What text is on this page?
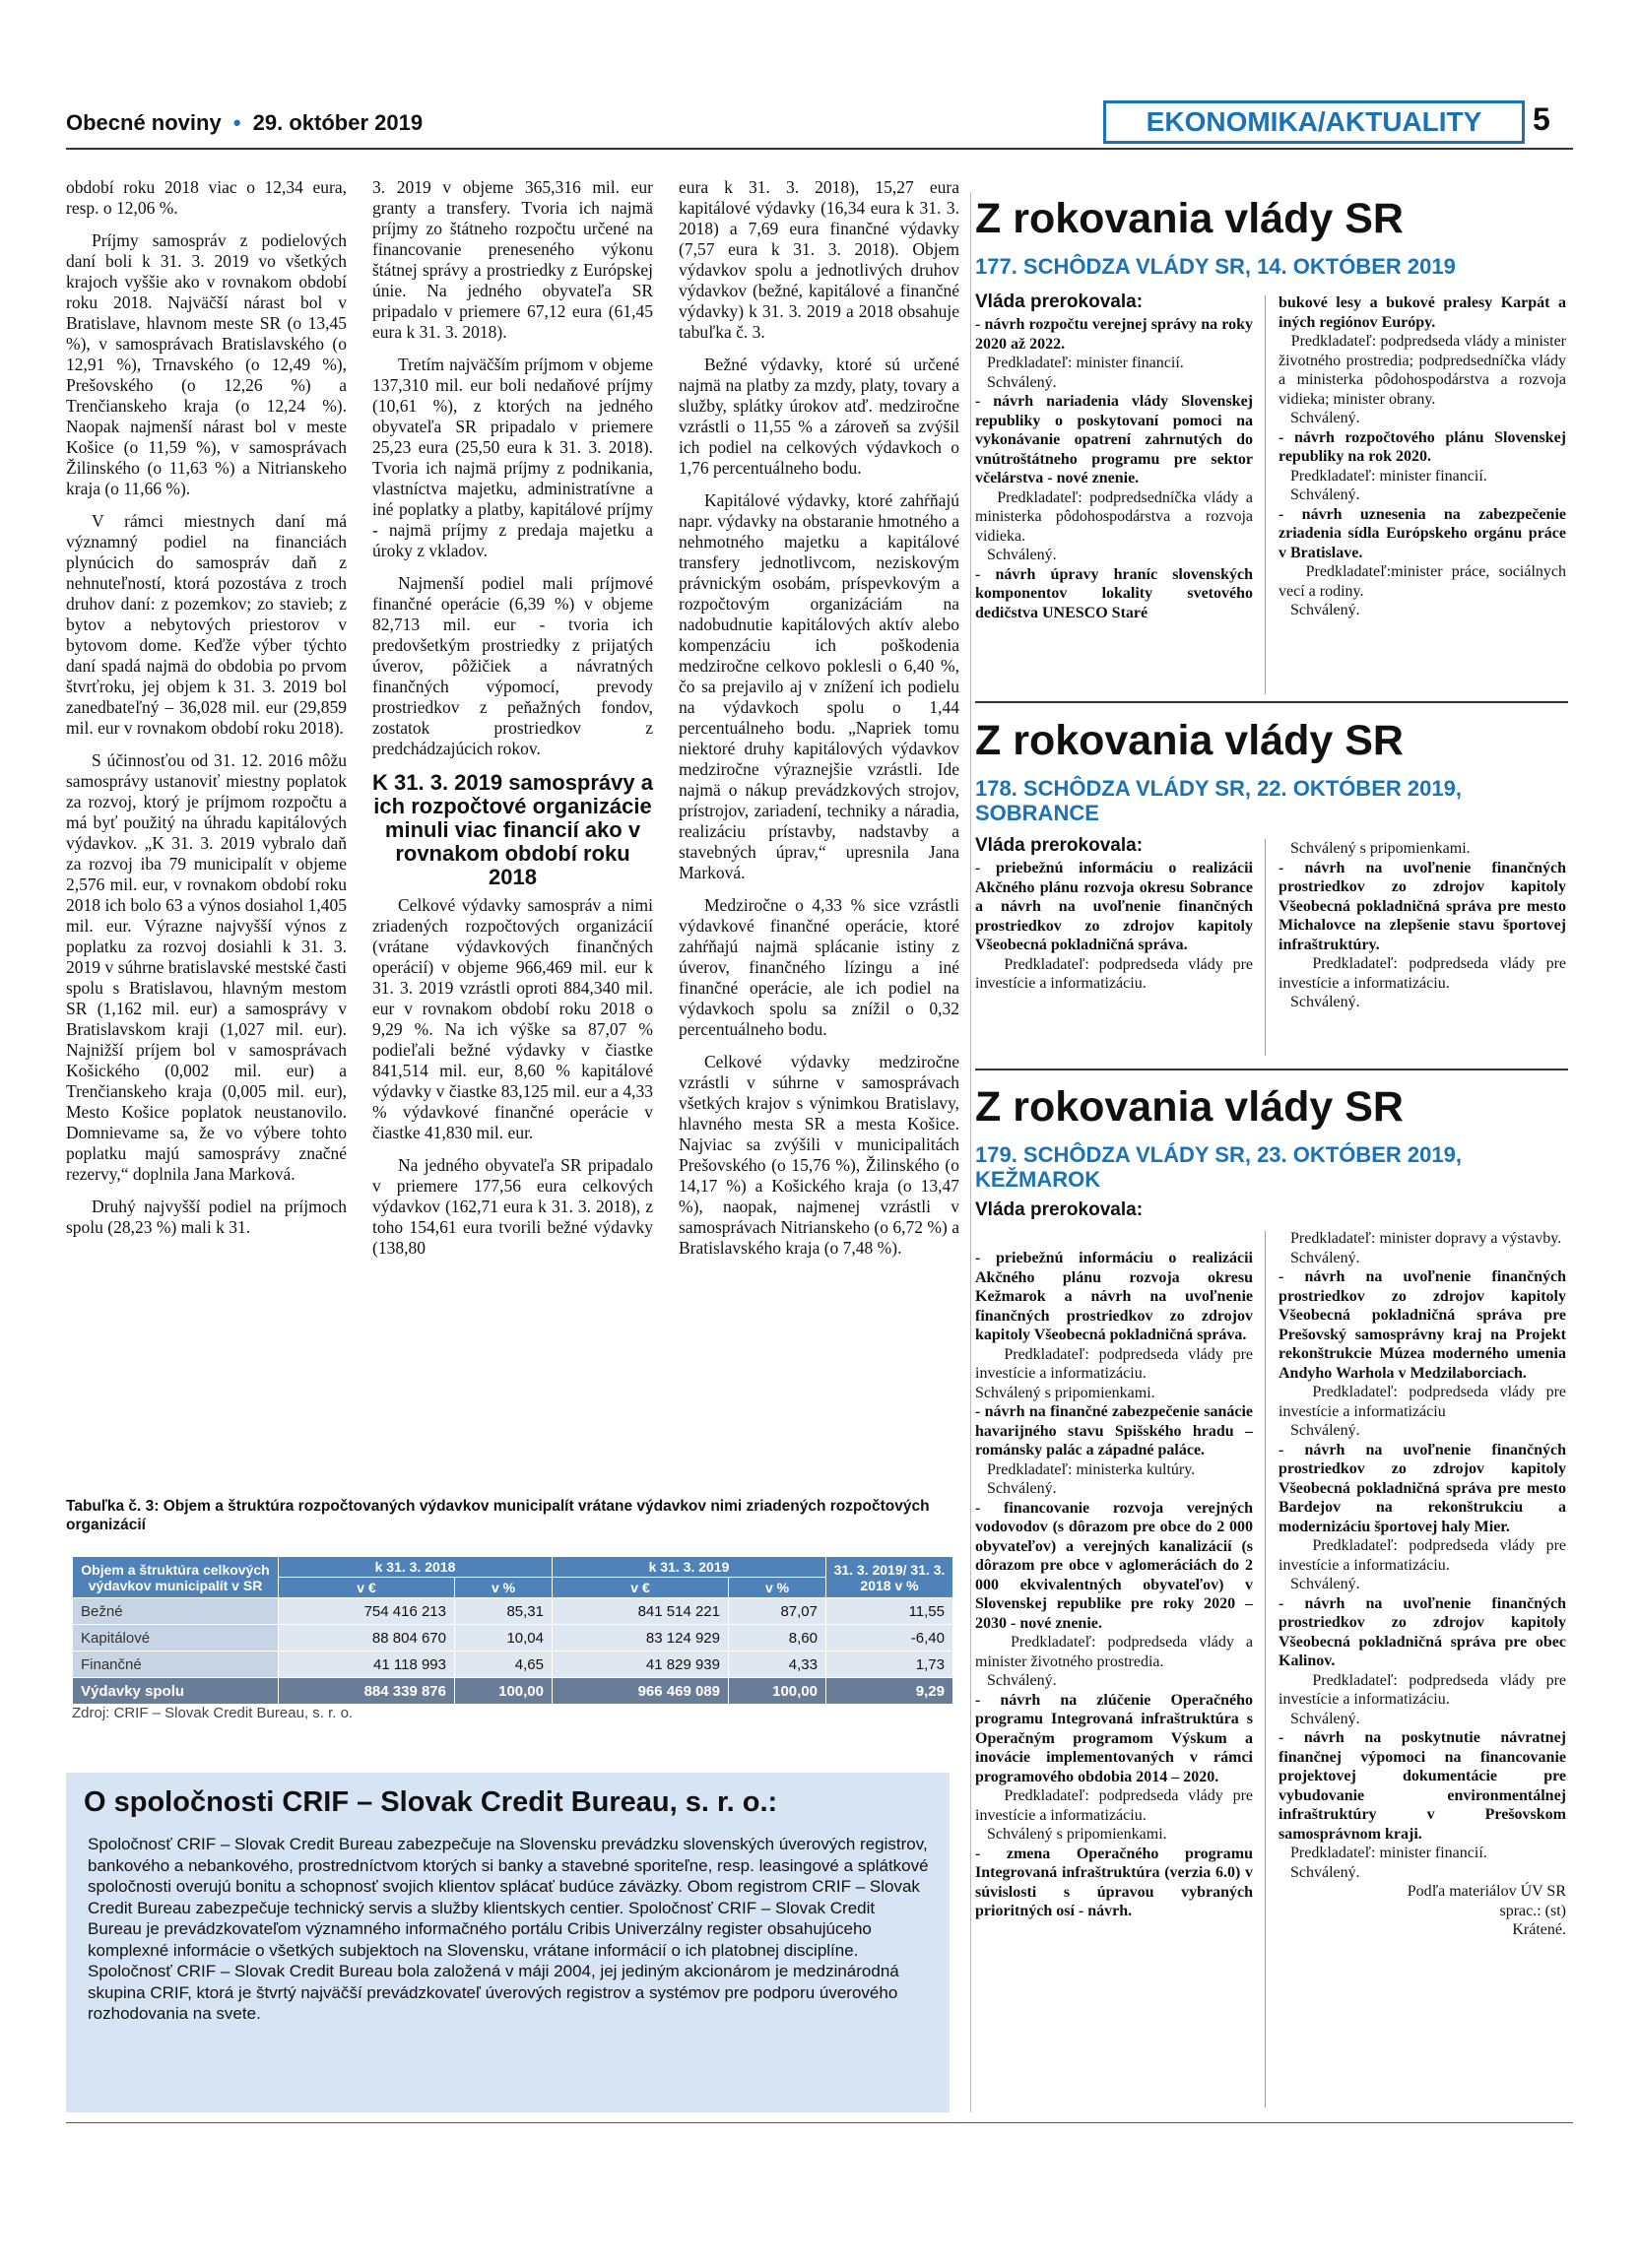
Obecné noviny • 29. október 2019	EKONOMIKA/AKTUALITY	5

období roku 2018 viac o 12,34 eura, resp. o 12,06 %.

Príjmy samospráv z podielových daní boli k 31. 3. 2019 vo všetkých krajoch vyššie ako v rovnakom období roku 2018. Najväčší nárast bol v Bratislave, hlavnom meste SR (o 13,45 %), v samosprávach Bratislavského (o 12,91 %), Trnavského (o 12,49 %), Prešovského (o 12,26 %) a Trenčianskeho kraja (o 12,24 %). Naopak najmenší nárast bol v meste Košice (o 11,59 %), v samosprávach Žilinského (o 11,63 %) a Nitrianskeho kraja (o 11,66 %).

V rámci miestnych daní má významný podiel na financiách plynúcich do samospráv daň z nehnuteľností, ktorá pozostáva z troch druhov daní: z pozemkov; zo stavieb; z bytov a nebytových priestorov v bytovom dome. Keďže výber týchto daní spadá najmä do obdobia po prvom štvrťroku, jej objem k 31. 3. 2019 bol zanedbateľný – 36,028 mil. eur (29,859 mil. eur v rovnakom období roku 2018).

S účinnosťou od 31. 12. 2016 môžu samosprávy ustanoviť miestny poplatok za rozvoj, ktorý je príjmom rozpočtu a má byť použitý na úhradu kapitálových výdavkov. „K 31. 3. 2019 vybralo daň za rozvoj iba 79 municipalít v objeme 2,576 mil. eur, v rovnakom období roku 2018 ich bolo 63 a výnos dosiahol 1,405 mil. eur. Výrazne najvyšší výnos z poplatku za rozvoj dosiahli k 31. 3. 2019 v súhrne bratislavské mestské časti spolu s Bratislavou, hlavným mestom SR (1,162 mil. eur) a samosprávy v Bratislavskom kraji (1,027 mil. eur). Najnižší príjem bol v samosprávach Košického (0,002 mil. eur) a Trenčianskeho kraja (0,005 mil. eur), Mesto Košice poplatok neustanovilo. Domnievame sa, že vo výbere tohto poplatku majú samosprávy značné rezervy,“ doplnila Jana Marková.

Druhý najvyšší podiel na príjmoch spolu (28,23 %) mali k 31.

3. 2019 v objeme 365,316 mil. eur granty a transfery. Tvoria ich najmä príjmy zo štátneho rozpočtu určené na financovanie preneseného výkonu štátnej správy a prostriedky z Európskej únie. Na jedného obyvateľa SR pripadalo v priemere 67,12 eura (61,45 eura k 31. 3. 2018).

Tretím najväčším príjmom v objeme 137,310 mil. eur boli nedaňové príjmy (10,61 %), z ktorých na jedného obyvateľa SR pripadalo v priemere 25,23 eura (25,50 eura k 31. 3. 2018). Tvoria ich najmä príjmy z podnikania, vlastníctva majetku, administratívne a iné poplatky a platby, kapitálové príjmy - najmä príjmy z predaja majetku a úroky z vkladov.

Najmenší podiel mali príjmové finančné operácie (6,39 %) v objeme 82,713 mil. eur - tvoria ich predovšetkým prostriedky z prijatých úverov, pôžičiek a návratných finančných výpomocí, prevody prostriedkov z peňažných fondov, zostatok prostriedkov z predchádzajúcich rokov.

K 31. 3. 2019 samosprávy a ich rozpočtové organizácie minuli viac financií ako v rovnakom období roku 2018

Celkové výdavky samospráv a nimi zriadených rozpočtových organizácií (vrátane výdavkových finančných operácií) v objeme 966,469 mil. eur k 31. 3. 2019 vzrástli oproti 884,340 mil. eur v rovnakom období roku 2018 o 9,29 %. Na ich výške sa 87,07 % podieľali bežné výdavky v čiastke 841,514 mil. eur, 8,60 % kapitálové výdavky v čiastke 83,125 mil. eur a 4,33 % výdavkové finančné operácie v čiastke 41,830 mil. eur.

Na jedného obyvateľa SR pripadalo v priemere 177,56 eura celkových výdavkov (162,71 eura k 31. 3. 2018), z toho 154,61 eura tvorili bežné výdavky (138,80

eura k 31. 3. 2018), 15,27 eura kapitálové výdavky (16,34 eura k 31. 3. 2018) a 7,69 eura finančné výdavky (7,57 eura k 31. 3. 2018). Objem výdavkov spolu a jednotlivých druhov výdavkov (bežné, kapitálové a finančné výdavky) k 31. 3. 2019 a 2018 obsahuje tabuľka č. 3.

Bežné výdavky, ktoré sú určené najmä na platby za mzdy, platy, tovary a služby, splátky úrokov atď. medziročne vzrástli o 11,55 % a zároveň sa zvýšil ich podiel na celkových výdavkoch o 1,76 percentuálneho bodu.

Kapitálové výdavky, ktoré zahŕňajú napr. výdavky na obstaranie hmotného a nehmotného majetku a kapitálové transfery jednotlivcom, neziskovým právnickým osobám, príspevkovým a rozpočtovým organizáciám na nadobudnutie kapitálových aktív alebo kompenzáciu ich poškodenia medziročne celkovo poklesli o 6,40 %, čo sa prejavilo aj v znížení ich podielu na výdavkoch spolu o 1,44 percentuálneho bodu. „Napriek tomu niektoré druhy kapitálových výdavkov medziročne výraznejšie vzrástli. Ide najmä o nákup prevádzkových strojov, prístrojov, zariadení, techniky a náradia, realizáciu prístavby, nadstavby a stavebných úprav,“ upresnila Jana Marková.

Medziročne o 4,33 % sice vzrástli výdavkové finančné operácie, ktoré zahŕňajú najmä splácanie istiny z úverov, finančného lízingu a iné finančné operácie, ale ich podiel na výdavkoch spolu sa znížil o 0,32 percentuálneho bodu.

Celkové výdavky medziročne vzrástli v súhrne v samosprávach všetkých krajov s výnimkou Bratislavy, hlavného mesta SR a mesta Košice. Najviac sa zvýšili v municipalitách Prešovského (o 15,76 %), Žilinského (o 14,17 %) a Košického kraja (o 13,47 %), naopak, najmenej vzrástli v samosprávach Nitrianskeho (o 6,72 %) a Bratislavského kraja (o 7,48 %).

Tabuľka č. 3: Objem a štruktúra rozpočtovaných výdavkov municipalít vrátane výdavkov nimi zriadených rozpočtových organizácií
Objem a štruktúra celkových výdavkov municipalít v SR	k 31. 3. 2018		k 31. 3. 2019		31. 3. 2019/ 31. 3. 2018 v %
	v €	v %	v €	v %	
Bežné	754 416 213	85,31	841 514 221	87,07	11,55
Kapitálové	88 804 670	10,04	83 124 929	8,60	-6,40
Finančné	41 118 993	4,65	41 829 939	4,33	1,73
Výdavky spolu	884 339 876	100,00	966 469 089	100,00	9,29
Zdroj: CRIF – Slovak Credit Bureau, s. r. o.
O spoločnosti CRIF – Slovak Credit Bureau, s. r. o.:
Spoločnosť CRIF – Slovak Credit Bureau zabezpečuje na Slovensku prevádzku slovenských úverových registrov, bankového a nebankového, prostredníctvom ktorých si banky a stavebné sporiteľne, resp. leasingové a splátkové spoločnosti overujú bonitu a schopnosť svojich klientov splácať budúce záväzky. Obom registrom CRIF – Slovak Credit Bureau zabezpečuje technický servis a služby klientskych centier. Spoločnosť CRIF – Slovak Credit Bureau je prevádzkovateľom významného informačného portálu Cribis Univerzálny register obsahujúceho komplexné informácie o všetkých subjektoch na Slovensku, vrátane informácií o ich platobnej disciplíne. Spoločnosť CRIF – Slovak Credit Bureau bola založená v máji 2004, jej jediným akcionárom je medzinárodná skupina CRIF, ktorá je štvrtý najväčší prevádzkovateľ úverových registrov a systémov pre podporu úverového rozhodovania na svete.
Z rokovania vlády SR
177. SCHÔDZA VLÁDY SR, 14. OKTÓBER 2019
Vláda prerokovala:
- návrh rozpočtu verejnej správy na roky 2020 až 2022.
Predkladateľ: minister financií.
Schválený.
- návrh nariadenia vlády Slovenskej republiky o poskytovaní pomoci na vykonávanie opatrení zahrnutých do vnútroštátneho programu pre sektor včelárstva - nové znenie.
Predkladateľ: podpredsedníčka vlády a ministerka pôdohospodárstva a rozvoja vidieka.
Schválený.
- návrh úpravy hraníc slovenských komponentov lokality svetového dedičstva UNESCO Staré
bukové lesy a bukové pralesy Karpát a iných regiónov Európy.
Predkladateľ: podpredseda vlády a minister životného prostredia; podpredsedníčka vlády a ministerka pôdohospodárstva a rozvoja vidieka; minister obrany.
Schválený.
- návrh rozpočtového plánu Slovenskej republiky na rok 2020.
Predkladateľ: minister financií.
Schválený.
- návrh uznesenia na zabezpečenie zriadenia sídla Európskeho orgánu práce v Bratislave.
Predkladateľ:minister práce, sociálnych vecí a rodiny.
Schválený.
Z rokovania vlády SR
178. SCHÔDZA VLÁDY SR, 22. OKTÓBER 2019, SOBRANCE
Vláda prerokovala:
- priebežnú informáciu o realizácii Akčného plánu rozvoja okresu Sobrance a návrh na uvoľnenie finančných prostriedkov zo zdrojov kapitoly Všeobecná pokladničná správa.
Predkladateľ: podpredseda vlády pre investície a informatizáciu.
Schválený s pripomienkami.
- návrh na uvoľnenie finančných prostriedkov zo zdrojov kapitoly Všeobecná pokladničná správa pre mesto Michalovce na zlepšenie stavu športovej infraštruktúry.
Predkladateľ: podpredseda vlády pre investície a informatizáciu.
Schválený.
Z rokovania vlády SR
179. SCHÔDZA VLÁDY SR, 23. OKTÓBER 2019, KEŽMAROK
Vláda prerokovala:
- priebežnú informáciu o realizácii Akčného plánu rozvoja okresu Kežmarok a návrh na uvoľnenie finančných prostriedkov zo zdrojov kapitoly Všeobecná pokladničná správa.
Predkladateľ: podpredseda vlády pre investície a informatizáciu.
Schválený s pripomienkami.
- návrh na finančné zabezpečenie sanácie havarijného stavu Spišského hradu – románsky palác a západné paláce.
Predkladateľ: ministerka kultúry.
Schválený.
- financovanie rozvoja verejných vodovodov (s dôrazom pre obce do 2 000 obyvateľov) a verejných kanalizácií (s dôrazom pre obce v aglomeráciách do 2 000 ekvivalentných obyvateľov) v Slovenskej republike pre roky 2020 – 2030 - nové znenie.
Predkladateľ: podpredseda vlády a minister životného prostredia.
Schválený.
- návrh na zlúčenie Operačného programu Integrovaná infraštruktúra s Operačným programom Výskum a inovácie implementovaných v rámci programového obdobia 2014 – 2020.
Predkladateľ: podpredseda vlády pre investície a informatizáciu.
Schválený s pripomienkami.
- zmena Operačného programu Integrovaná infraštruktúra (verzia 6.0) v súvislosti s úpravou vybraných prioritných osí - návrh.
Predkladateľ: minister dopravy a výstavby.
Schválený.
- návrh na uvoľnenie finančných prostriedkov zo zdrojov kapitoly Všeobecná pokladničná správa pre Prešovský samosprávny kraj na Projekt rekonštrukcie Múzea moderného umenia Andyho Warhola v Medzilaborciach.
Predkladateľ: podpredseda vlády pre investície a informatizáciu
Schválený.
- návrh na uvoľnenie finančných prostriedkov zo zdrojov kapitoly Všeobecná pokladničná správa pre mesto Bardejov na rekonštrukciu a modernizáciu športovej haly Mier.
Predkladateľ: podpredseda vlády pre investície a informatizáciu.
Schválený.
- návrh na uvoľnenie finančných prostriedkov zo zdrojov kapitoly Všeobecná pokladničná správa pre obec Kalinov.
Predkladateľ: podpredseda vlády pre investície a informatizáciu.
Schválený.
- návrh na poskytnutie návratnej finančnej výpomoci na financovanie projektovej dokumentácie pre vybudovanie environmentálnej infraštruktúry v Prešovskom samosprávnom kraji.
Predkladateľ: minister financií.
Schválený.
Podľa materiálov ÚV SR
sprac.: (st)
Krátené.
